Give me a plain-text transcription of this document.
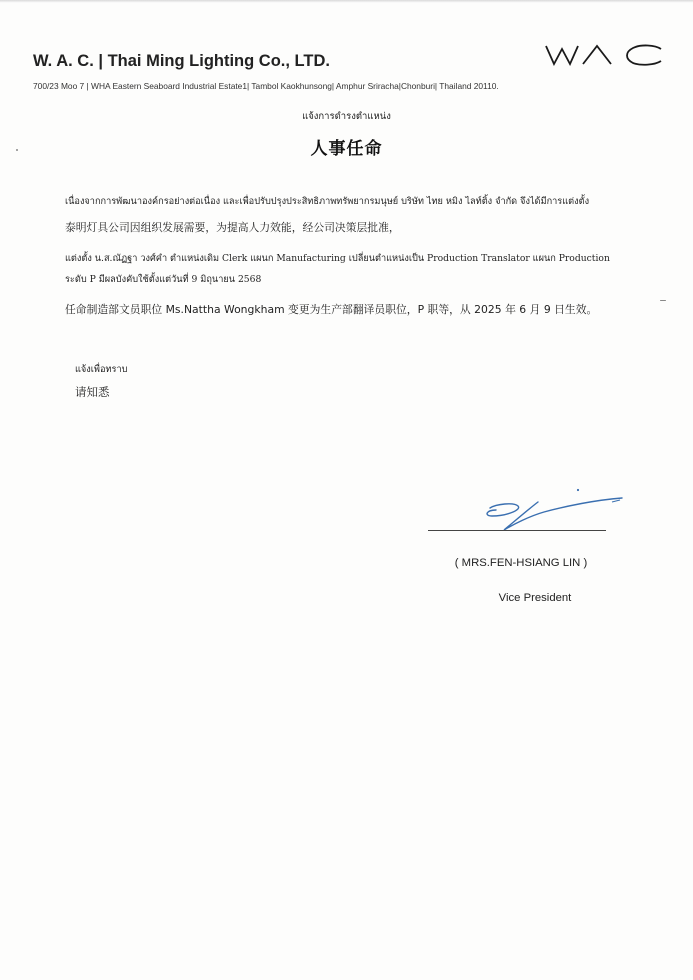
W. A. C. | Thai Ming Lighting Co., LTD.
700/23 Moo 7 | WHA Eastern Seaboard Industrial Estate1| Tambol Kaokhunsong| Amphur Sriracha|Chonburi| Thailand 20110.
แจ้งการดำรงตำแหน่ง
人事任命
เนื่องจากการพัฒนาองค์กรอย่างต่อเนื่อง และเพื่อปรับปรุงประสิทธิภาพทรัพยากรมนุษย์ บริษัท ไทย หมิง ไลท์ติ้ง จำกัด จึงได้มีการแต่งตั้ง
泰明灯具公司因组织发展需要，为提高人力效能，经公司决策层批准，
แต่งตั้ง น.ส.ณัฏฐา วงศ์คำ ตำแหน่งเดิม Clerk แผนก Manufacturing เปลี่ยนตำแหน่งเป็น Production Translator แผนก Production
ระดับ P มีผลบังคับใช้ตั้งแต่วันที่ 9 มิถุนายน 2568
任命制造部文员职位 Ms.Nattha Wongkham 变更为生产部翻译员职位，P 职等，从 2025 年 6 月 9 日生效。
แจ้งเพื่อทราบ
请知悉
( MRS.FEN-HSIANG LIN )
Vice President
